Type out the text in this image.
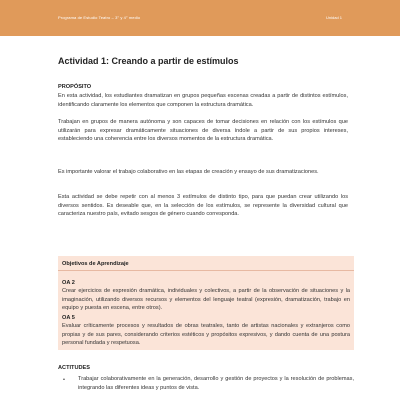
Programa de Estudio Teatro – 3° y 4° medio	Unidad 1
Actividad 1: Creando a partir de estímulos
PROPÓSITO
En esta actividad, los estudiantes dramatizan en grupos pequeñas escenas creadas a partir de distintos estímulos, identificando claramente los elementos que componen la estructura dramática.
Trabajan en grupos de manera autónoma y son capaces de tomar decisiones en relación con los estímulos que utilizarán para expresar dramáticamente situaciones de diversa índole a partir de sus propios intereses, estableciendo una coherencia entre los diversos momentos de la estructura dramática.
Es importante valorar el trabajo colaborativo en las etapas de creación y ensayo de sus dramatizaciones.
Esta actividad se debe repetir con al menos 3 estímulos de distinto tipo, para que puedan crear utilizando los diversos sentidos. Es deseable que, en la selección de los estímulos, se represente la diversidad cultural que caracteriza nuestro país, evitado sesgos de género cuando corresponda.
Objetivos de Aprendizaje
OA 2
Crear ejercicios de expresión dramática, individuales y colectivos, a partir de la observación de situaciones y la imaginación, utilizando diversos recursos y elementos del lenguaje teatral (expresión, dramatización, trabajo en equipo y puesta en escena, entre otros).
OA 5
Evaluar críticamente procesos y resultados de obras teatrales, tanto de artistas nacionales y extranjeros como propias y de sus pares, considerando criterios estéticos y propósitos expresivos, y dando cuenta de una postura personal fundada y respetuosa.
ACTITUDES
• Trabajar colaborativamente en la generación, desarrollo y gestión de proyectos y la resolución de problemas, integrando las diferentes ideas y puntos de vista.
